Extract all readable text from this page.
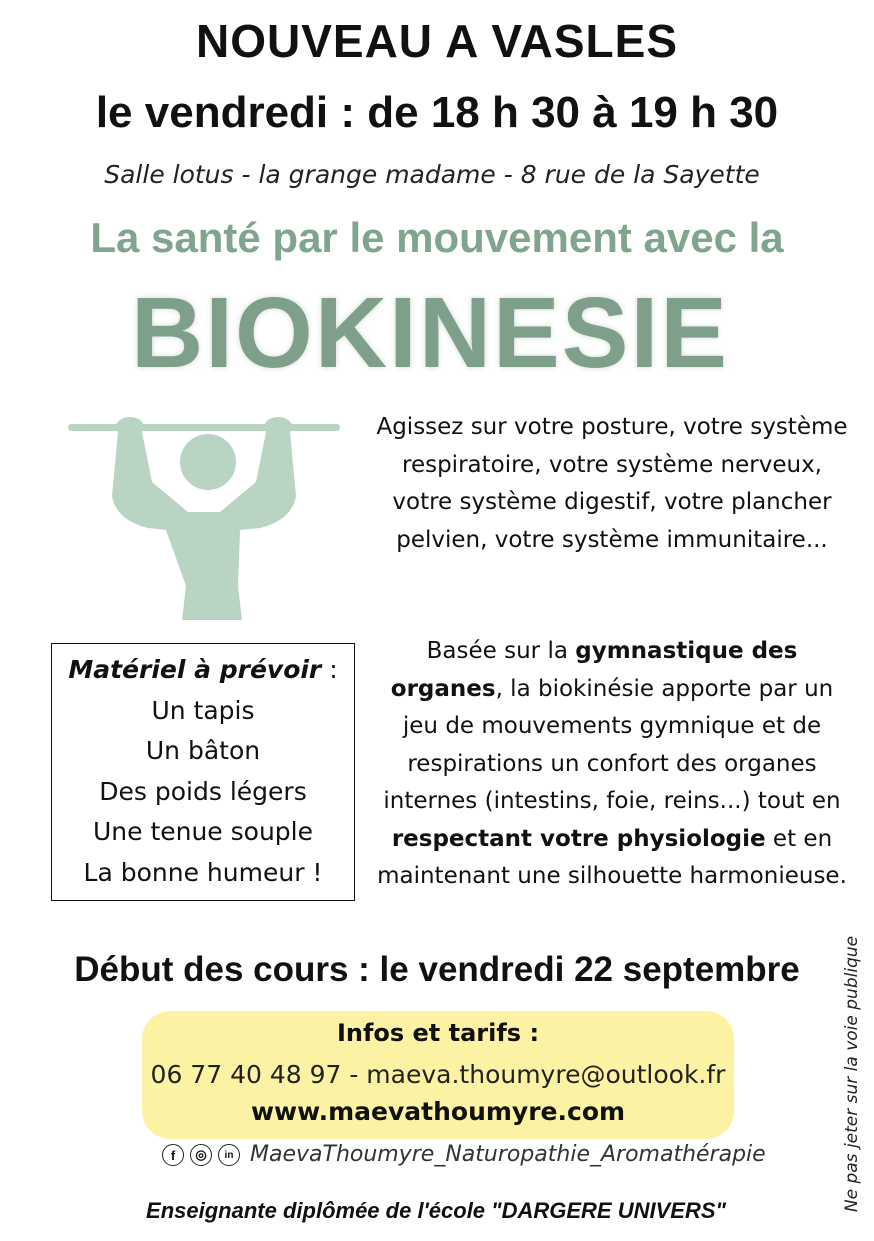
NOUVEAU A VASLES
le vendredi : de 18 h 30 à 19 h 30
Salle lotus - la grange madame - 8 rue de la Sayette
La santé par le mouvement avec la
BIOKINESIE
Agissez sur votre posture, votre système respiratoire, votre système nerveux, votre système digestif, votre plancher pelvien, votre système immunitaire...
Basée sur la gymnastique des organes, la biokinésie apporte par un jeu de mouvements gymnique et de respirations un confort des organes internes (intestins, foie, reins...) tout en respectant votre physiologie et en maintenant une silhouette harmonieuse.
Matériel à prévoir :
Un tapis
Un bâton
Des poids légers
Une tenue souple
La bonne humeur !
Début des cours : le vendredi 22 septembre
Infos et tarifs :
06 77 40 48 97 - maeva.thoumyre@outlook.fr
www.maevathoumyre.com
f	◎	in MaevaThoumyre_Naturopathie_Aromathérapie
Enseignante diplômée de l'école "DARGERE UNIVERS"	Ne pas jeter sur la voie publique
